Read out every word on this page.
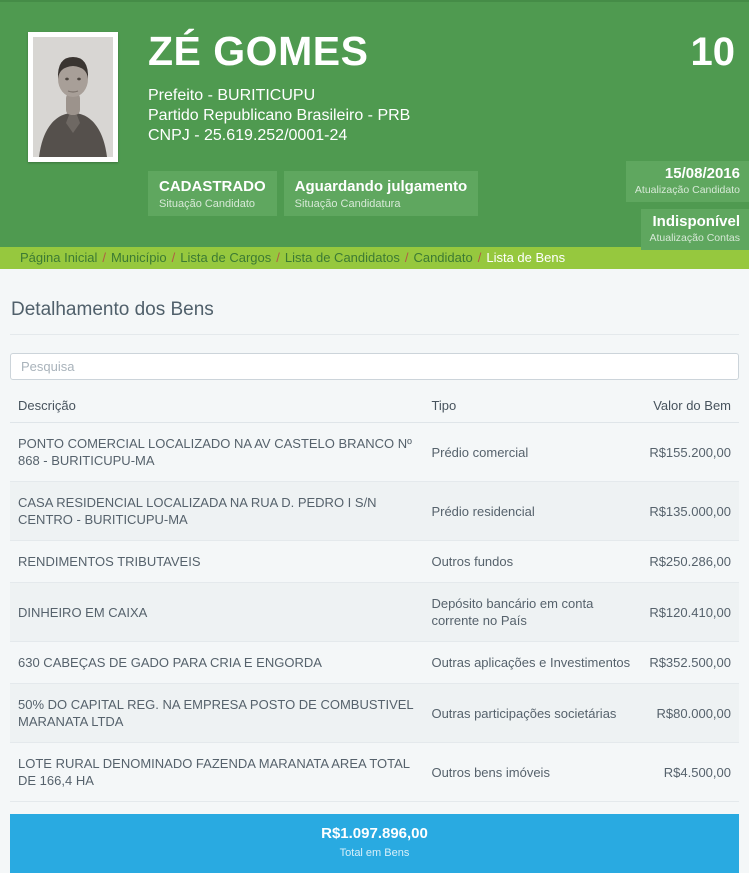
ZÉ GOMES
Prefeito - BURITICUPU
Partido Republicano Brasileiro - PRB
CNPJ - 25.619.252/0001-24
10
CADASTRADO
Situação Candidato
Aguardando julgamento
Situação Candidatura
15/08/2016
Atualização Candidato
Indisponível
Atualização Contas
Página Inicial / Município / Lista de Cargos / Lista de Candidatos / Candidato / Lista de Bens
Detalhamento dos Bens
Pesquisa
Descrição	Tipo	Valor do Bem
PONTO COMERCIAL LOCALIZADO NA AV CASTELO BRANCO Nº 868 - BURITICUPU-MA	Prédio comercial	R$155.200,00
CASA RESIDENCIAL LOCALIZADA NA RUA D. PEDRO I S/N CENTRO - BURITICUPU-MA	Prédio residencial	R$135.000,00
RENDIMENTOS TRIBUTAVEIS	Outros fundos	R$250.286,00
DINHEIRO EM CAIXA	Depósito bancário em conta corrente no País	R$120.410,00
630 CABEÇAS DE GADO PARA CRIA E ENGORDA	Outras aplicações e Investimentos	R$352.500,00
50% DO CAPITAL REG. NA EMPRESA POSTO DE COMBUSTIVEL MARANATA LTDA	Outras participações societárias	R$80.000,00
LOTE RURAL DENOMINADO FAZENDA MARANATA AREA TOTAL DE 166,4 HA	Outros bens imóveis	R$4.500,00
R$1.097.896,00
Total em Bens
